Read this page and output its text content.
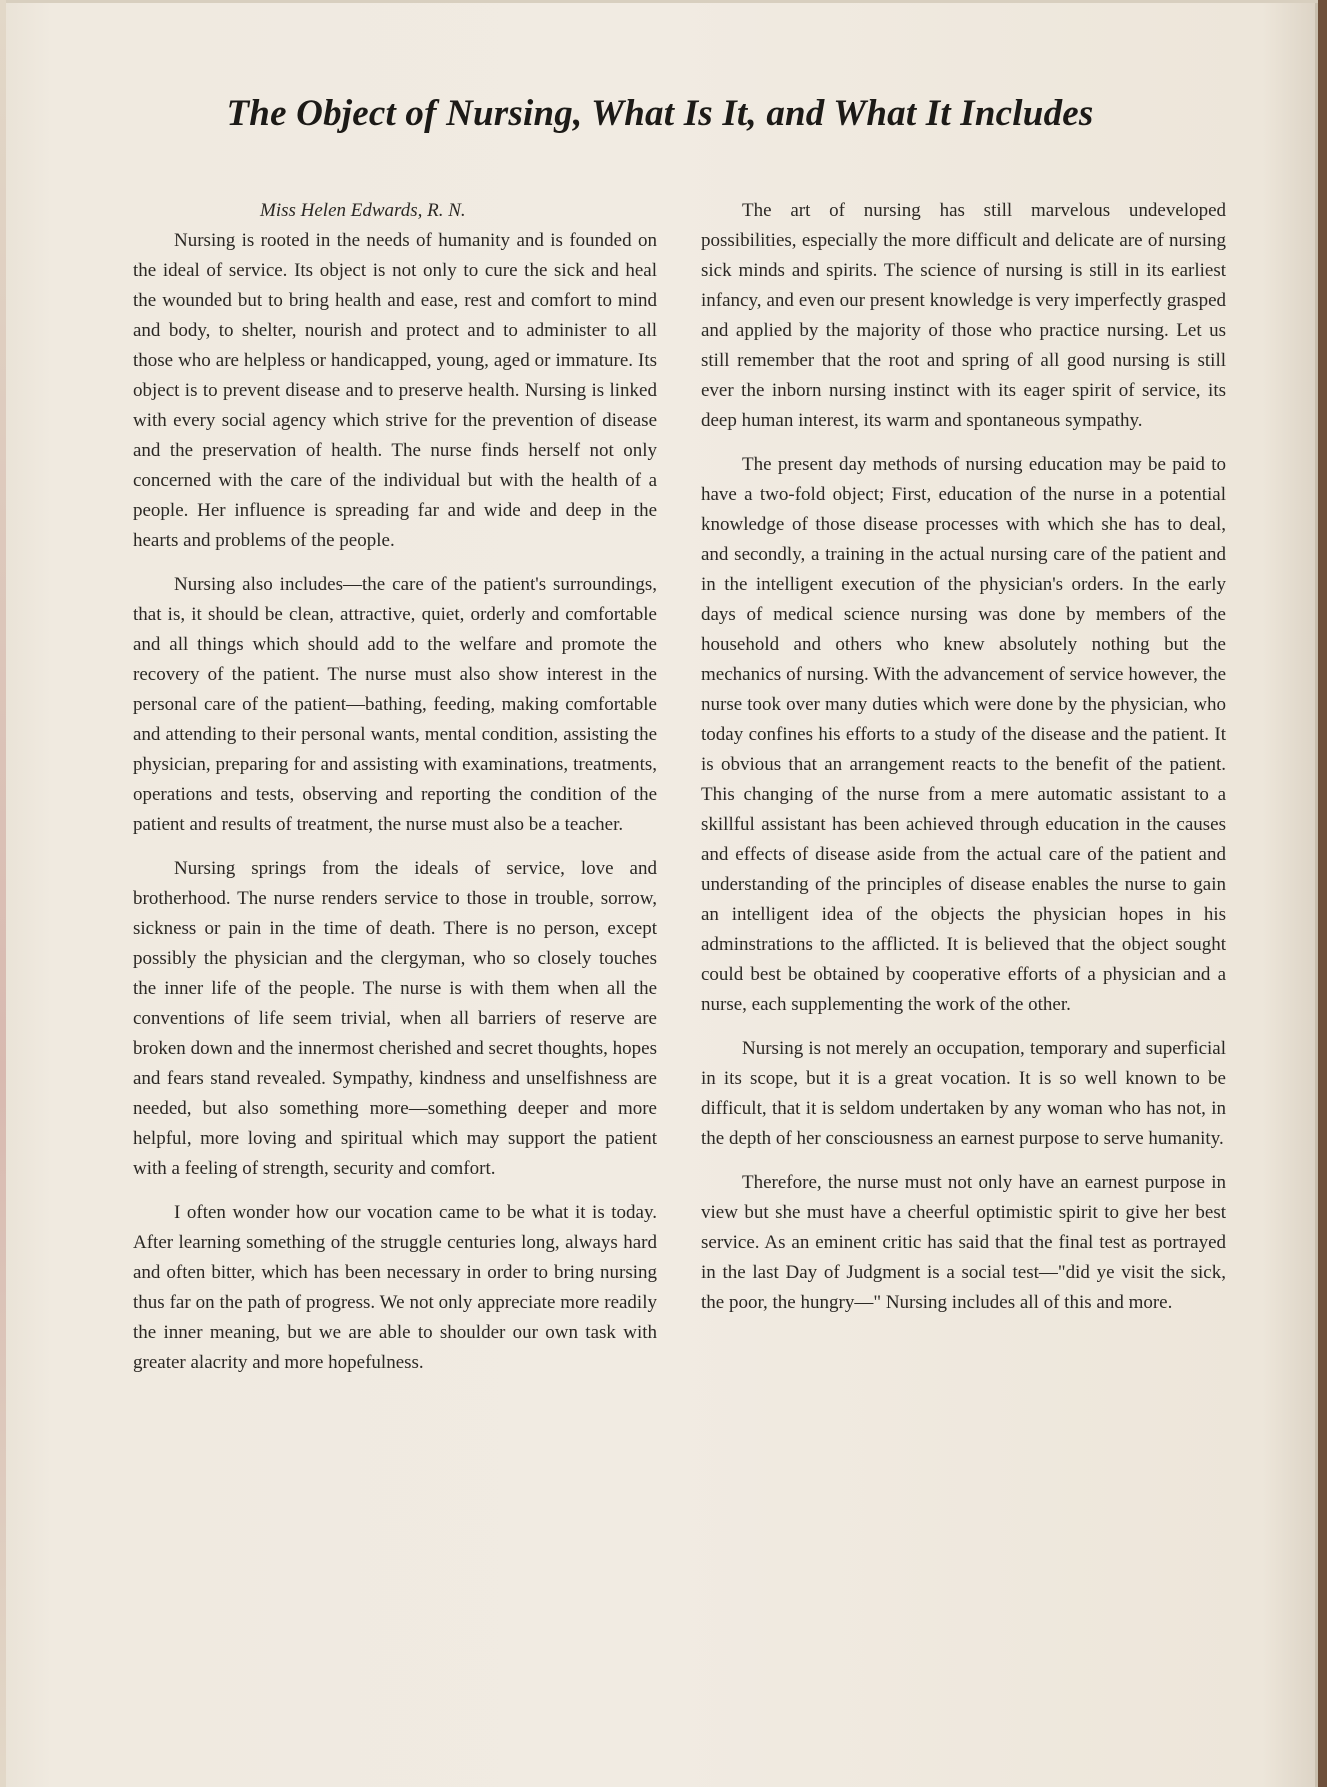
The Object of Nursing, What Is It, and What It Includes

Miss Helen Edwards, R. N.

Nursing is rooted in the needs of humanity and is founded on the ideal of service. Its object is not only to cure the sick and heal the wounded but to bring health and ease, rest and comfort to mind and body, to shelter, nourish and protect and to administer to all those who are helpless or handicapped, young, aged or immature. Its object is to prevent disease and to preserve health. Nursing is linked with every social agency which strive for the prevention of disease and the preservation of health. The nurse finds herself not only concerned with the care of the individual but with the health of a people. Her influence is spreading far and wide and deep in the hearts and problems of the people.

Nursing also includes—the care of the patient's surroundings, that is, it should be clean, attractive, quiet, orderly and comfortable and all things which should add to the welfare and promote the recovery of the patient. The nurse must also show interest in the personal care of the patient—bathing, feeding, making comfortable and attending to their personal wants, mental condition, assisting the physician, preparing for and assisting with examinations, treatments, operations and tests, observing and reporting the condition of the patient and results of treatment, the nurse must also be a teacher.

Nursing springs from the ideals of service, love and brotherhood. The nurse renders service to those in trouble, sorrow, sickness or pain in the time of death. There is no person, except possibly the physician and the clergyman, who so closely touches the inner life of the people. The nurse is with them when all the conventions of life seem trivial, when all barriers of reserve are broken down and the innermost cherished and secret thoughts, hopes and fears stand revealed. Sympathy, kindness and unselfishness are needed, but also something more—something deeper and more helpful, more loving and spiritual which may support the patient with a feeling of strength, security and comfort.

I often wonder how our vocation came to be what it is today. After learning something of the struggle centuries long, always hard and often bitter, which has been necessary in order to bring nursing thus far on the path of progress. We not only appreciate more readily the inner meaning, but we are able to shoulder our own task with greater alacrity and more hopefulness.

The art of nursing has still marvelous undeveloped possibilities, especially the more difficult and delicate are of nursing sick minds and spirits. The science of nursing is still in its earliest infancy, and even our present knowledge is very imperfectly grasped and applied by the majority of those who practice nursing. Let us still remember that the root and spring of all good nursing is still ever the inborn nursing instinct with its eager spirit of service, its deep human interest, its warm and spontaneous sympathy.

The present day methods of nursing education may be paid to have a two-fold object; First, education of the nurse in a potential knowledge of those disease processes with which she has to deal, and secondly, a training in the actual nursing care of the patient and in the intelligent execution of the physician's orders. In the early days of medical science nursing was done by members of the household and others who knew absolutely nothing but the mechanics of nursing. With the advancement of service however, the nurse took over many duties which were done by the physician, who today confines his efforts to a study of the disease and the patient. It is obvious that an arrangement reacts to the benefit of the patient. This changing of the nurse from a mere automatic assistant to a skillful assistant has been achieved through education in the causes and effects of disease aside from the actual care of the patient and understanding of the principles of disease enables the nurse to gain an intelligent idea of the objects the physician hopes in his adminstrations to the afflicted. It is believed that the object sought could best be obtained by cooperative efforts of a physician and a nurse, each supplementing the work of the other.

Nursing is not merely an occupation, temporary and superficial in its scope, but it is a great vocation. It is so well known to be difficult, that it is seldom undertaken by any woman who has not, in the depth of her consciousness an earnest purpose to serve humanity.

Therefore, the nurse must not only have an earnest purpose in view but she must have a cheerful optimistic spirit to give her best service. As an eminent critic has said that the final test as portrayed in the last Day of Judgment is a social test—"did ye visit the sick, the poor, the hungry—" Nursing includes all of this and more.
